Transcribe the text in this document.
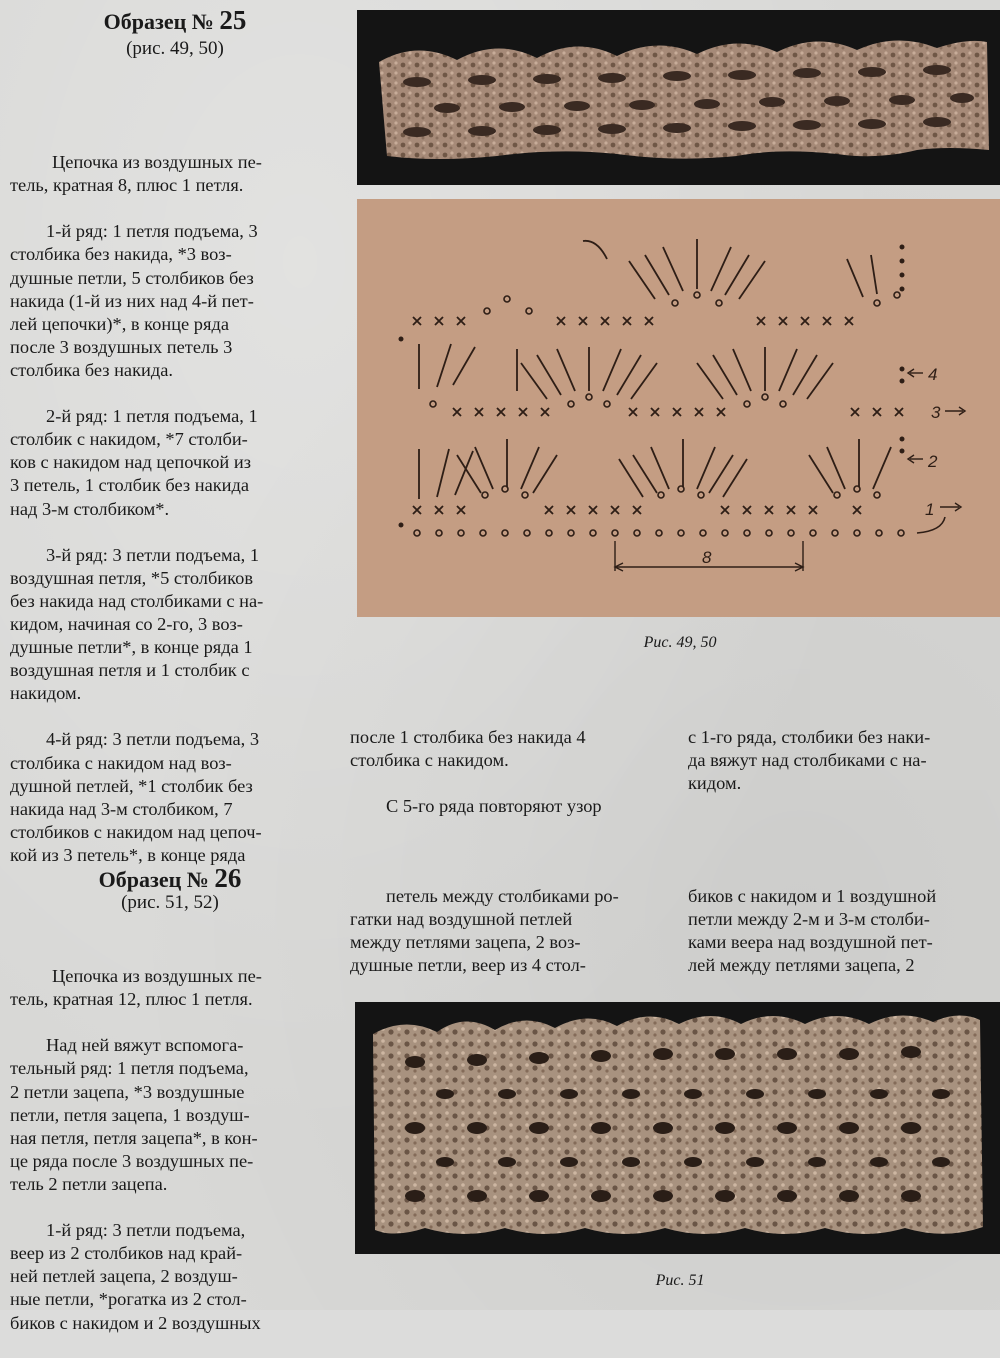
Образец № 25
(рис. 49, 50)

Цепочка из воздушных пе-
тель, кратная 8, плюс 1 петля.

1-й ряд: 1 петля подъема, 3
столбика без накида, *3 воз-
душные петли, 5 столбиков без
накида (1-й из них над 4-й пет-
лей цепочки)*, в конце ряда
после 3 воздушных петель 3
столбика без накида.

2-й ряд: 1 петля подъема, 1
столбик с накидом, *7 столби-
ков с накидом над цепочкой из
3 петель, 1 столбик без накида
над 3-м столбиком*.

3-й ряд: 3 петли подъема, 1
воздушная петля, *5 столбиков
без накида над столбиками с на-
кидом, начиная со 2-го, 3 воз-
душные петли*, в конце ряда 1
воздушная петля и 1 столбик с
накидом.

4-й ряд: 3 петли подъема, 3
столбика с накидом над воз-
душной петлей, *1 столбик без
накида над 3-м столбиком, 7
столбиков с накидом над цепоч-
кой из 3 петель*, в конце ряда

1
2
3
4
8
Рис. 49, 50

после 1 столбика без накида 4
столбика с накидом.

С 5-го ряда повторяют узор

с 1-го ряда, столбики без наки-
да вяжут над столбиками с на-
кидом.

Образец № 26
(рис. 51, 52)

Цепочка из воздушных пе-
тель, кратная 12, плюс 1 петля.

Над ней вяжут вспомога-
тельный ряд: 1 петля подъема,
2 петли зацепа, *3 воздушные
петли, петля зацепа, 1 воздуш-
ная петля, петля зацепа*, в кон-
це ряда после 3 воздушных пе-
тель 2 петли зацепа.

1-й ряд: 3 петли подъема,
веер из 2 столбиков над край-
ней петлей зацепа, 2 воздуш-
ные петли, *рогатка из 2 стол-
биков с накидом и 2 воздушных

петель между столбиками ро-
гатки над воздушной петлей
между петлями зацепа, 2 воз-
душные петли, веер из 4 стол-

биков с накидом и 1 воздушной
петли между 2-м и 3-м столби-
ками веера над воздушной пет-
лей между петлями зацепа, 2

Рис. 51
